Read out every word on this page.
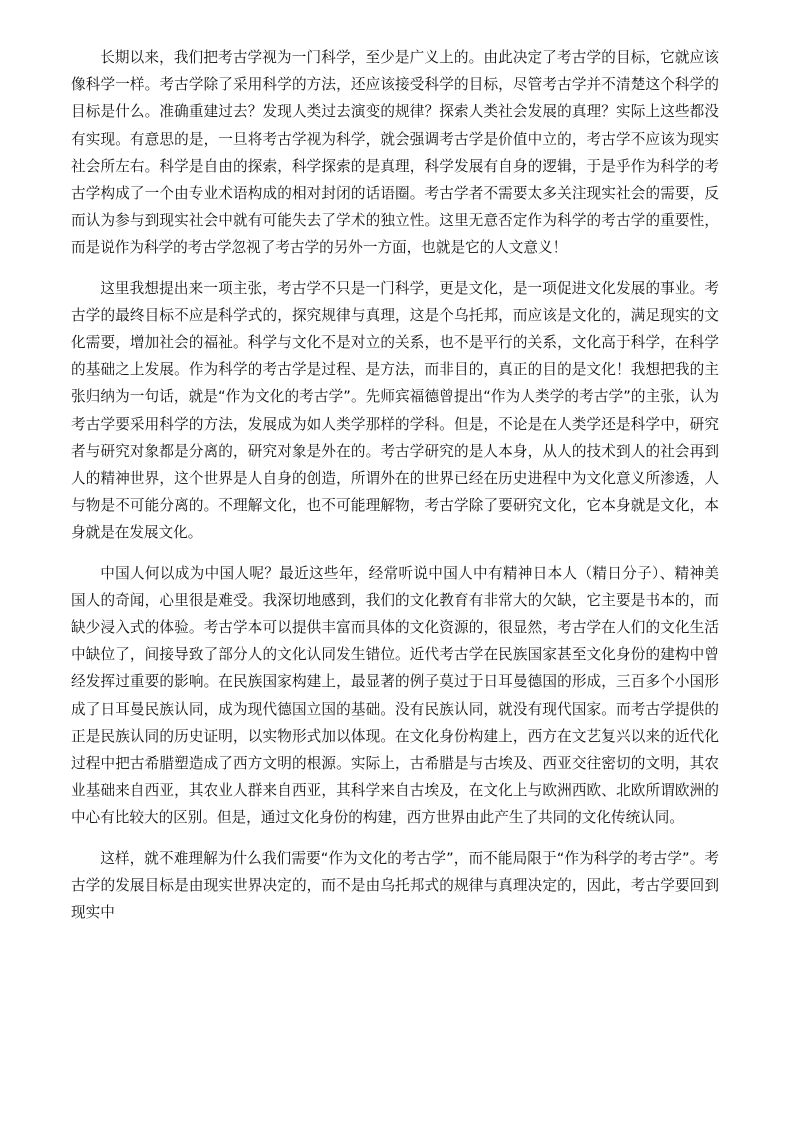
长期以来，我们把考古学视为一门科学，至少是广义上的。由此决定了考古学的目标，它就应该像科学一样。考古学除了采用科学的方法，还应该接受科学的目标，尽管考古学并不清楚这个科学的目标是什么。准确重建过去？发现人类过去演变的规律？探索人类社会发展的真理？实际上这些都没有实现。有意思的是，一旦将考古学视为科学，就会强调考古学是价值中立的，考古学不应该为现实社会所左右。科学是自由的探索，科学探索的是真理，科学发展有自身的逻辑，于是乎作为科学的考古学构成了一个由专业术语构成的相对封闭的话语圈。考古学者不需要太多关注现实社会的需要，反而认为参与到现实社会中就有可能失去了学术的独立性。这里无意否定作为科学的考古学的重要性，而是说作为科学的考古学忽视了考古学的另外一方面，也就是它的人文意义！

这里我想提出来一项主张，考古学不只是一门科学，更是文化，是一项促进文化发展的事业。考古学的最终目标不应是科学式的，探究规律与真理，这是个乌托邦，而应该是文化的，满足现实的文化需要，增加社会的福祉。科学与文化不是对立的关系，也不是平行的关系，文化高于科学，在科学的基础之上发展。作为科学的考古学是过程、是方法，而非目的，真正的目的是文化！我想把我的主张归纳为一句话，就是“作为文化的考古学”。先师宾福德曾提出“作为人类学的考古学”的主张，认为考古学要采用科学的方法，发展成为如人类学那样的学科。但是，不论是在人类学还是科学中，研究者与研究对象都是分离的，研究对象是外在的。考古学研究的是人本身，从人的技术到人的社会再到人的精神世界，这个世界是人自身的创造，所谓外在的世界已经在历史进程中为文化意义所渗透，人与物是不可能分离的。不理解文化，也不可能理解物，考古学除了要研究文化，它本身就是文化，本身就是在发展文化。

中国人何以成为中国人呢？最近这些年，经常听说中国人中有精神日本人（精日分子）、精神美国人的奇闻，心里很是难受。我深切地感到，我们的文化教育有非常大的欠缺，它主要是书本的，而缺少浸入式的体验。考古学本可以提供丰富而具体的文化资源的，很显然，考古学在人们的文化生活中缺位了，间接导致了部分人的文化认同发生错位。近代考古学在民族国家甚至文化身份的建构中曾经发挥过重要的影响。在民族国家构建上，最显著的例子莫过于日耳曼德国的形成，三百多个小国形成了日耳曼民族认同，成为现代德国立国的基础。没有民族认同，就没有现代国家。而考古学提供的正是民族认同的历史证明，以实物形式加以体现。在文化身份构建上，西方在文艺复兴以来的近代化过程中把古希腊塑造成了西方文明的根源。实际上，古希腊是与古埃及、西亚交往密切的文明，其农业基础来自西亚，其农业人群来自西亚，其科学来自古埃及，在文化上与欧洲西欧、北欧所谓欧洲的中心有比较大的区别。但是，通过文化身份的构建，西方世界由此产生了共同的文化传统认同。

这样，就不难理解为什么我们需要“作为文化的考古学”，而不能局限于“作为科学的考古学”。考古学的发展目标是由现实世界决定的，而不是由乌托邦式的规律与真理决定的，因此，考古学要回到现实中
